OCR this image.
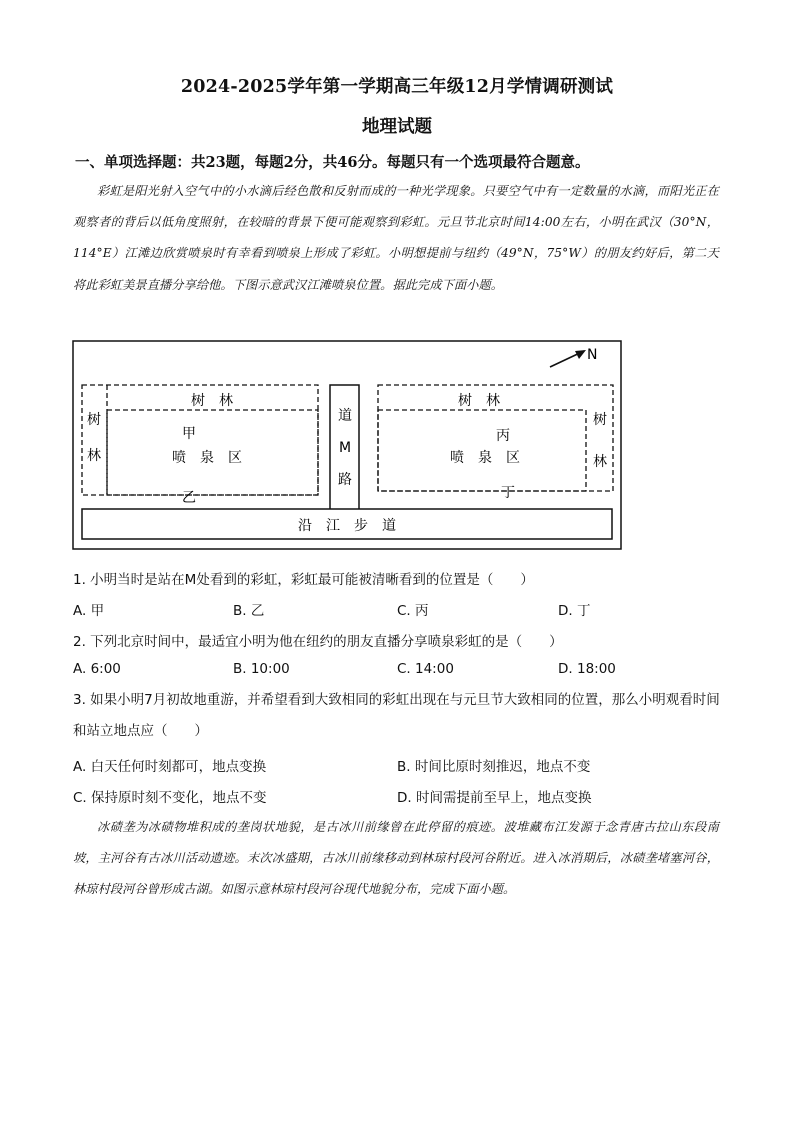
2024-2025学年第一学期高三年级12月学情调研测试
地理试题
一、单项选择题：共23题，每题2分，共46分。每题只有一个选项最符合题意。
彩虹是阳光射入空气中的小水滴后经色散和反射而成的一种光学现象。只要空气中有一定数量的水滴，而阳光正在观察者的背后以低角度照射，在较暗的背景下便可能观察到彩虹。元旦节北京时间14:00左右，小明在武汉（30°N，114°E）江滩边欣赏喷泉时有幸看到喷泉上形成了彩虹。小明想提前与纽约（49°N，75°W）的朋友约好后，第二天将此彩虹美景直播分享给他。下图示意武汉江滩喷泉位置。据此完成下面小题。
N
树　林
树
林
甲
喷　泉　区
乙
道
M
路
树　林
树
林
丙
喷　泉　区
丁
沿　江　步　道
1. 小明当时是站在M处看到的彩虹，彩虹最可能被清晰看到的位置是（　　）
A. 甲	B. 乙	C. 丙	D. 丁
2. 下列北京时间中，最适宜小明为他在纽约的朋友直播分享喷泉彩虹的是（　　）
A. 6:00	B. 10:00	C. 14:00	D. 18:00
3. 如果小明7月初故地重游，并希望看到大致相同的彩虹出现在与元旦节大致相同的位置，那么小明观看时间和站立地点应（　　）
A. 白天任何时刻都可，地点变换	B. 时间比原时刻推迟，地点不变
C. 保持原时刻不变化，地点不变	D. 时间需提前至早上，地点变换
冰碛垄为冰碛物堆积成的垄岗状地貌，是古冰川前缘曾在此停留的痕迹。波堆藏布江发源于念青唐古拉山东段南坡，主河谷有古冰川活动遗迹。末次冰盛期，古冰川前缘移动到林琼村段河谷附近。进入冰消期后，冰碛垄堵塞河谷，林琼村段河谷曾形成古湖。如图示意林琼村段河谷现代地貌分布，完成下面小题。
